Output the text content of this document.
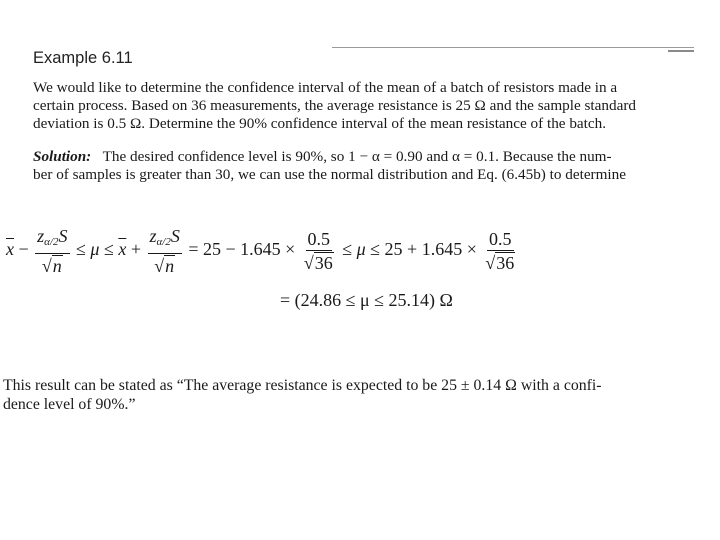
Example 6.11
We would like to determine the confidence interval of the mean of a batch of resistors made in a
certain process. Based on 36 measurements, the average resistance is 25 Ω and the sample standard
deviation is 0.5 Ω. Determine the 90% confidence interval of the mean resistance of the batch.
Solution: The desired confidence level is 90%, so 1 − α = 0.90 and α = 0.1. Because the num-
ber of samples is greater than 30, we can use the normal distribution and Eq. (6.45b) to determine
$\overline{x} - \frac{z_{\alpha/2}S}{√n} \le \mu \le \overline{x} + \frac{z_{\alpha/2}S}{√n} = 25 - 1.645 \times \frac{0.5}{√36} \le \mu \le 25 + 1.645 \times \frac{0.5}{√36}$
= (24.86 ≤ μ ≤ 25.14) Ω
This result can be stated as “The average resistance is expected to be 25 ± 0.14 Ω with a confi-
dence level of 90%.”
